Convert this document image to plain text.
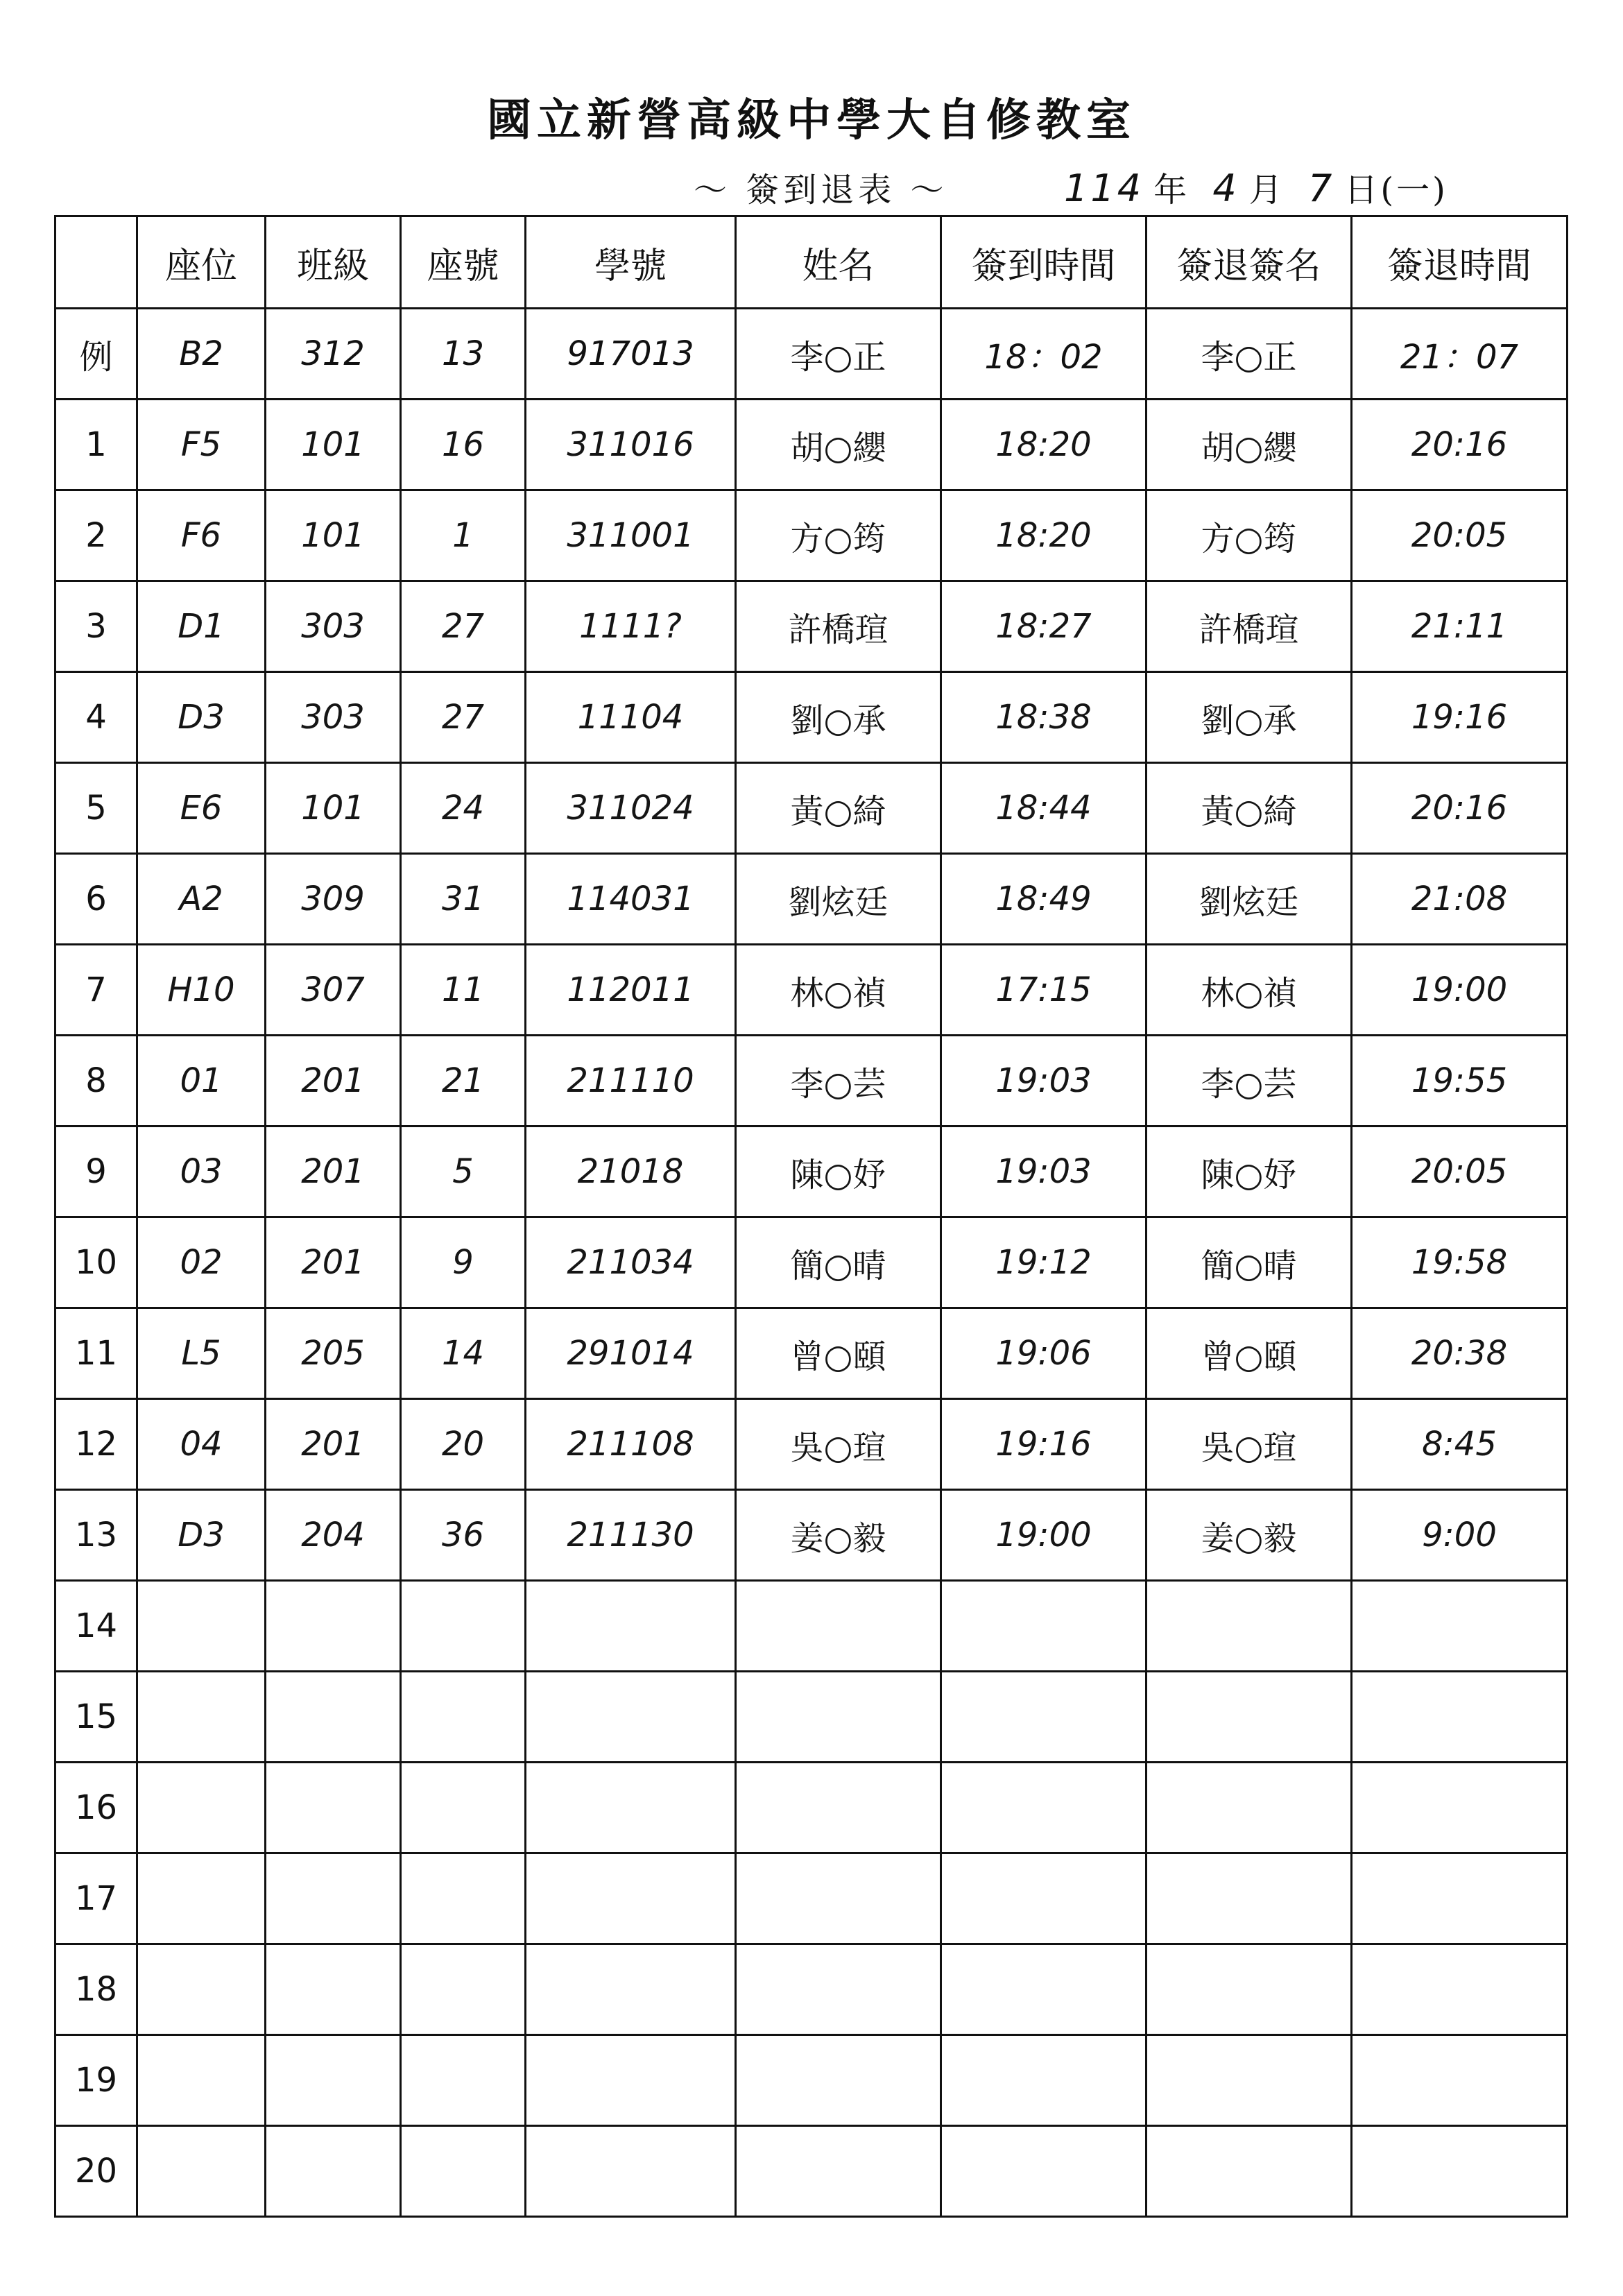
國立新營高級中學大自修教室
～ 簽到退表 ～	114 年 4 月 7 日(一)
	座位	班級	座號	學號	姓名	簽到時間	簽退簽名	簽退時間
例	B2	312	13	917013	李○正	18：02	李○正	21：07
1	F5	101	16	311016	胡○纓	18:20	胡○纓	20:16
2	F6	101	1	311001	方○筠	18:20	方○筠	20:05
3	D1	303	27	1111?	許橋瑄	18:27	許橋瑄	21:11
4	D3	303	27	11104	劉○承	18:38	劉○承	19:16
5	E6	101	24	311024	黃○綺	18:44	黃○綺	20:16
6	A2	309	31	114031	劉炫廷	18:49	劉炫廷	21:08
7	H10	307	11	112011	林○禎	17:15	林○禎	19:00
8	01	201	21	211110	李○芸	19:03	李○芸	19:55
9	03	201	5	21018	陳○妤	19:03	陳○妤	20:05
10	02	201	9	211034	簡○晴	19:12	簡○晴	19:58
11	L5	205	14	291014	曾○頤	19:06	曾○頤	20:38
12	04	201	20	211108	吳○瑄	19:16	吳○瑄	8:45
13	D3	204	36	211130	姜○毅	19:00	姜○毅	9:00
14								
15								
16								
17								
18								
19								
20								
